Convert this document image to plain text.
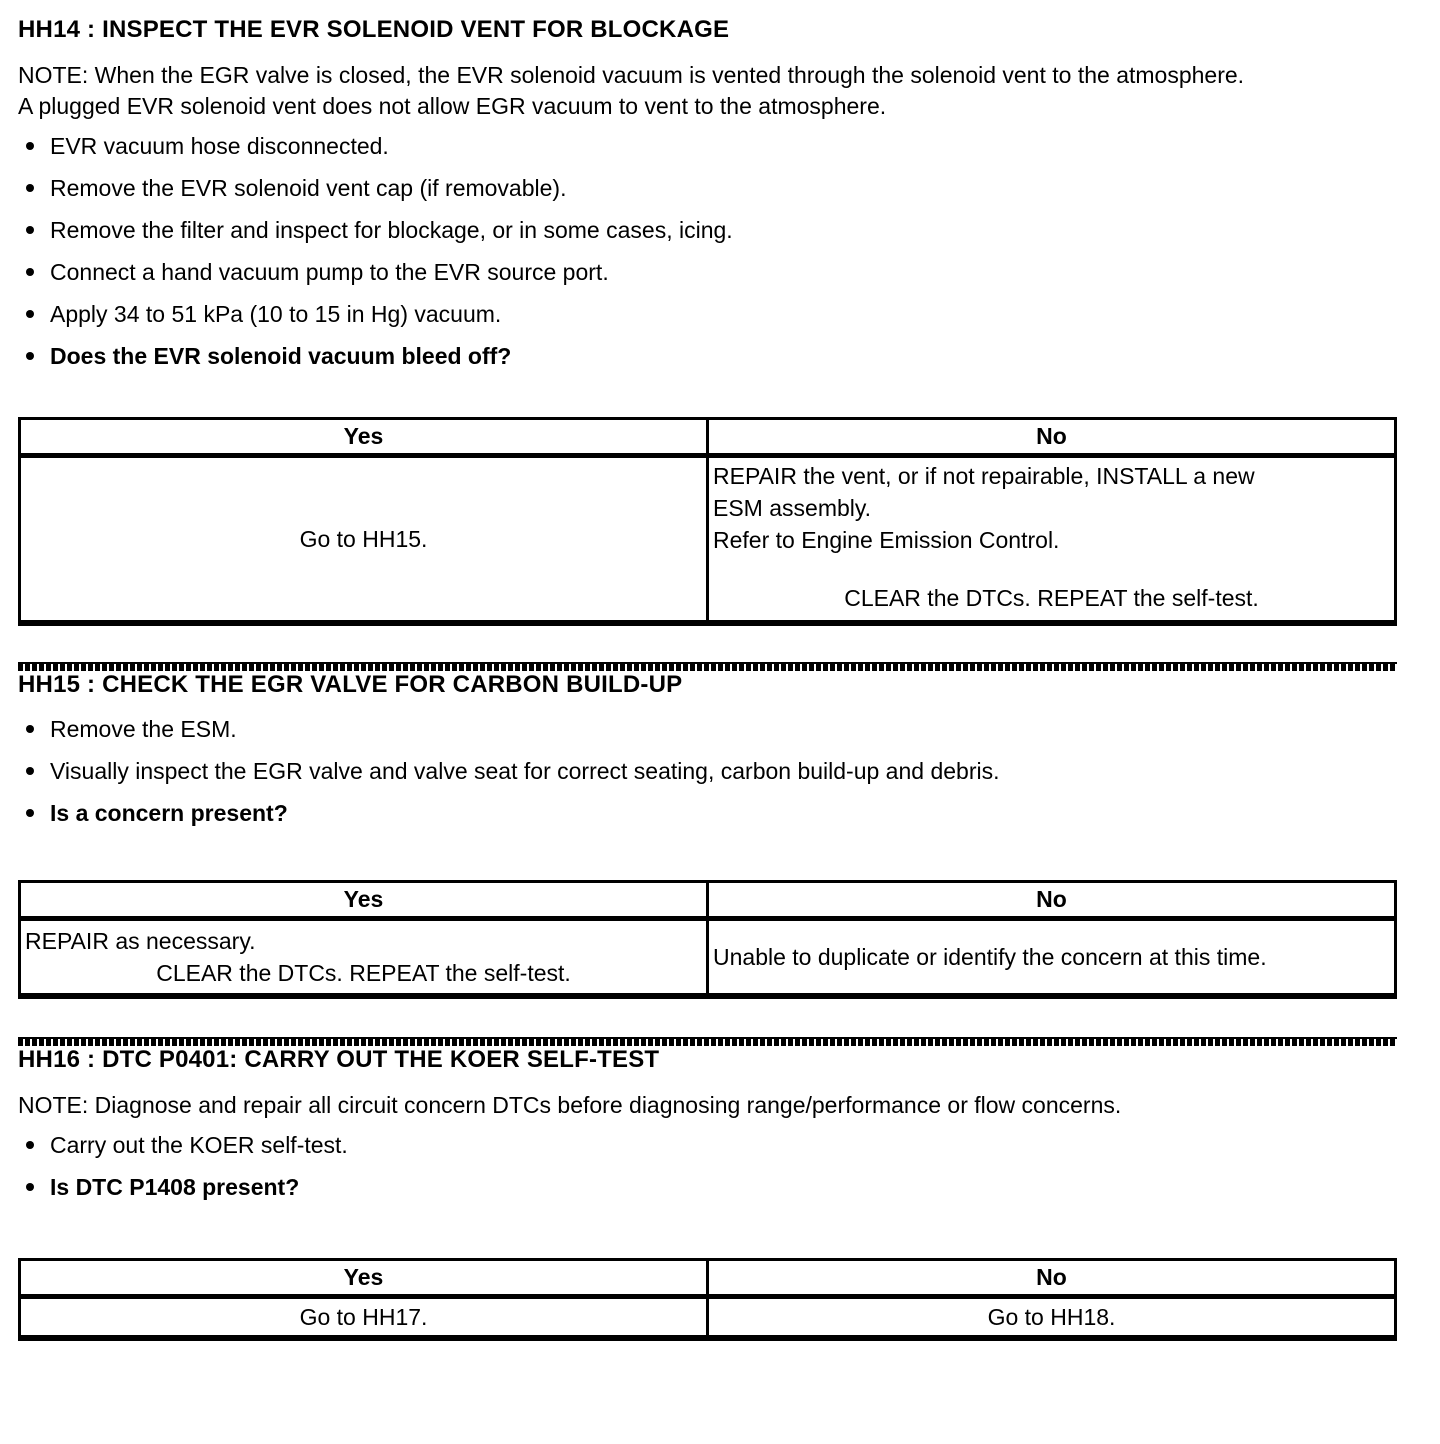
HH14 : INSPECT THE EVR SOLENOID VENT FOR BLOCKAGE

NOTE: When the EGR valve is closed, the EVR solenoid vacuum is vented through the solenoid vent to the atmosphere. A plugged EVR solenoid vent does not allow EGR vacuum to vent to the atmosphere.

EVR vacuum hose disconnected.
Remove the EVR solenoid vent cap (if removable).
Remove the filter and inspect for blockage, or in some cases, icing.
Connect a hand vacuum pump to the EVR source port.
Apply 34 to 51 kPa (10 to 15 in Hg) vacuum.
Does the EVR solenoid vacuum bleed off?
Yes	No
Go to HH15.	REPAIR the vent, or if not repairable, INSTALL a new
ESM assembly.
Refer to Engine Emission Control.
CLEAR the DTCs. REPEAT the self-test.
HH15 : CHECK THE EGR VALVE FOR CARBON BUILD-UP
Remove the ESM.
Visually inspect the EGR valve and valve seat for correct seating, carbon build-up and debris.
Is a concern present?
Yes	No

REPAIR as necessary.
CLEAR the DTCs. REPEAT the self-test.	Unable to duplicate or identify the concern at this time.
HH16 : DTC P0401: CARRY OUT THE KOER SELF-TEST

NOTE: Diagnose and repair all circuit concern DTCs before diagnosing range/performance or flow concerns.

Carry out the KOER self-test.
Is DTC P1408 present?
Yes	No
Go to HH17.	Go to HH18.
